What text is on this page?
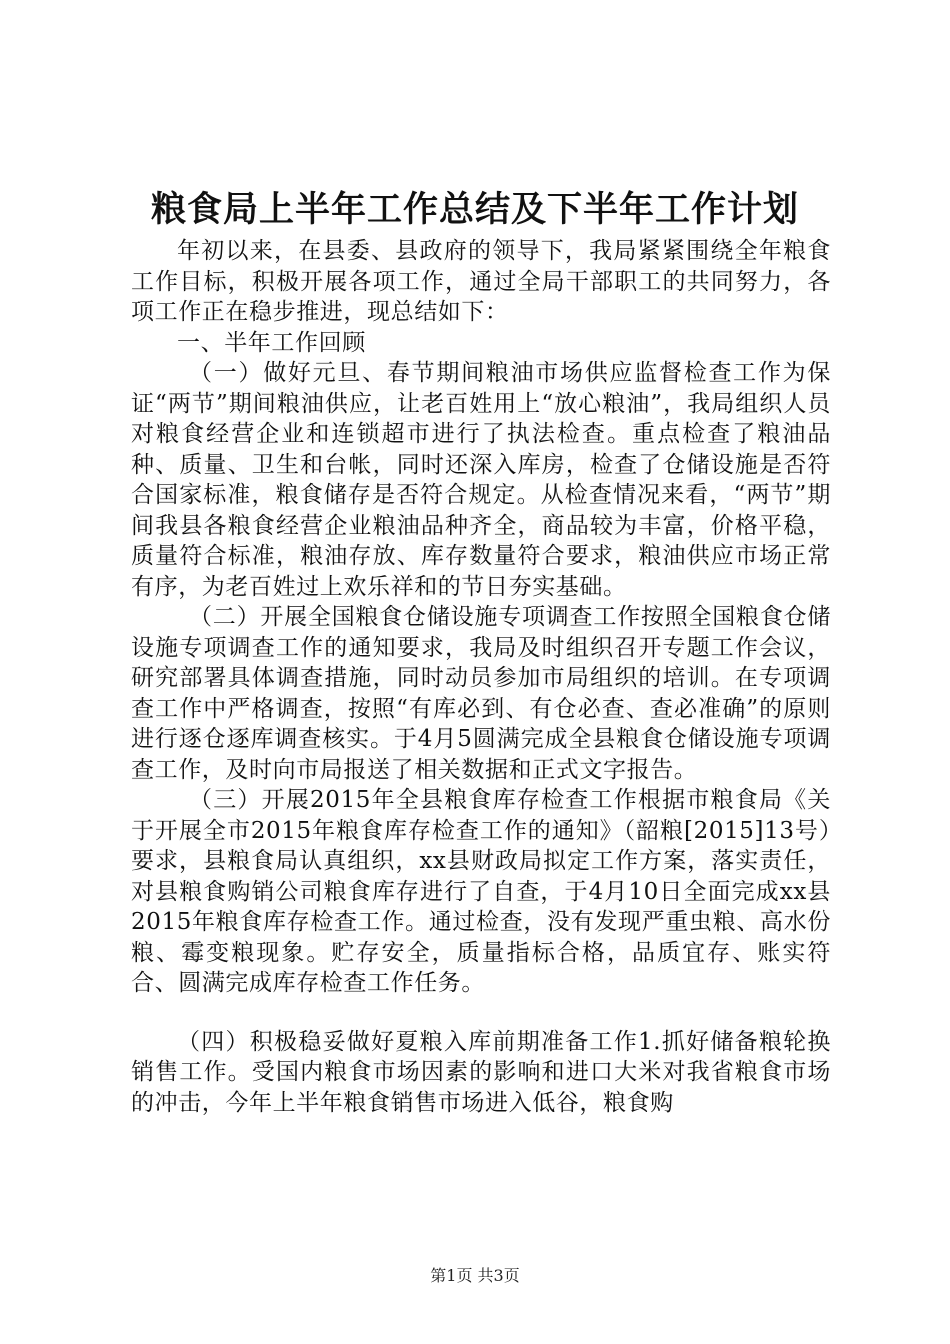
粮食局上半年工作总结及下半年工作计划

年初以来，在县委、县政府的领导下，我局紧紧围绕全年粮食工作目标，积极开展各项工作，通过全局干部职工的共同努力，各项工作正在稳步推进，现总结如下：

一、半年工作回顾

（一）做好元旦、春节期间粮油市场供应监督检查工作为保证“两节”期间粮油供应，让老百姓用上“放心粮油”，我局组织人员对粮食经营企业和连锁超市进行了执法检查。重点检查了粮油品种、质量、卫生和台帐，同时还深入库房，检查了仓储设施是否符合国家标准，粮食储存是否符合规定。从检查情况来看，“两节”期间我县各粮食经营企业粮油品种齐全，商品较为丰富，价格平稳，质量符合标准，粮油存放、库存数量符合要求，粮油供应市场正常有序，为老百姓过上欢乐祥和的节日夯实基础。

（二）开展全国粮食仓储设施专项调查工作按照全国粮食仓储设施专项调查工作的通知要求，我局及时组织召开专题工作会议，研究部署具体调查措施，同时动员参加市局组织的培训。在专项调查工作中严格调查，按照“有库必到、有仓必查、查必准确”的原则进行逐仓逐库调查核实。于4月5圆满完成全县粮食仓储设施专项调查工作，及时向市局报送了相关数据和正式文字报告。

（三）开展2015年全县粮食库存检查工作根据市粮食局《关于开展全市2015年粮食库存检查工作的通知》（韶粮[2015]13号）要求，县粮食局认真组织，xx县财政局拟定工作方案，落实责任，对县粮食购销公司粮食库存进行了自查，于4月10日全面完成xx县2015年粮食库存检查工作。通过检查，没有发现严重虫粮、高水份粮、霉变粮现象。贮存安全，质量指标合格，品质宜存、账实符合、圆满完成库存检查工作任务。

（四）积极稳妥做好夏粮入库前期准备工作1.抓好储备粮轮换销售工作。受国内粮食市场因素的影响和进口大米对我省粮食市场的冲击，今年上半年粮食销售市场进入低谷，粮食购

第1页 共3页
